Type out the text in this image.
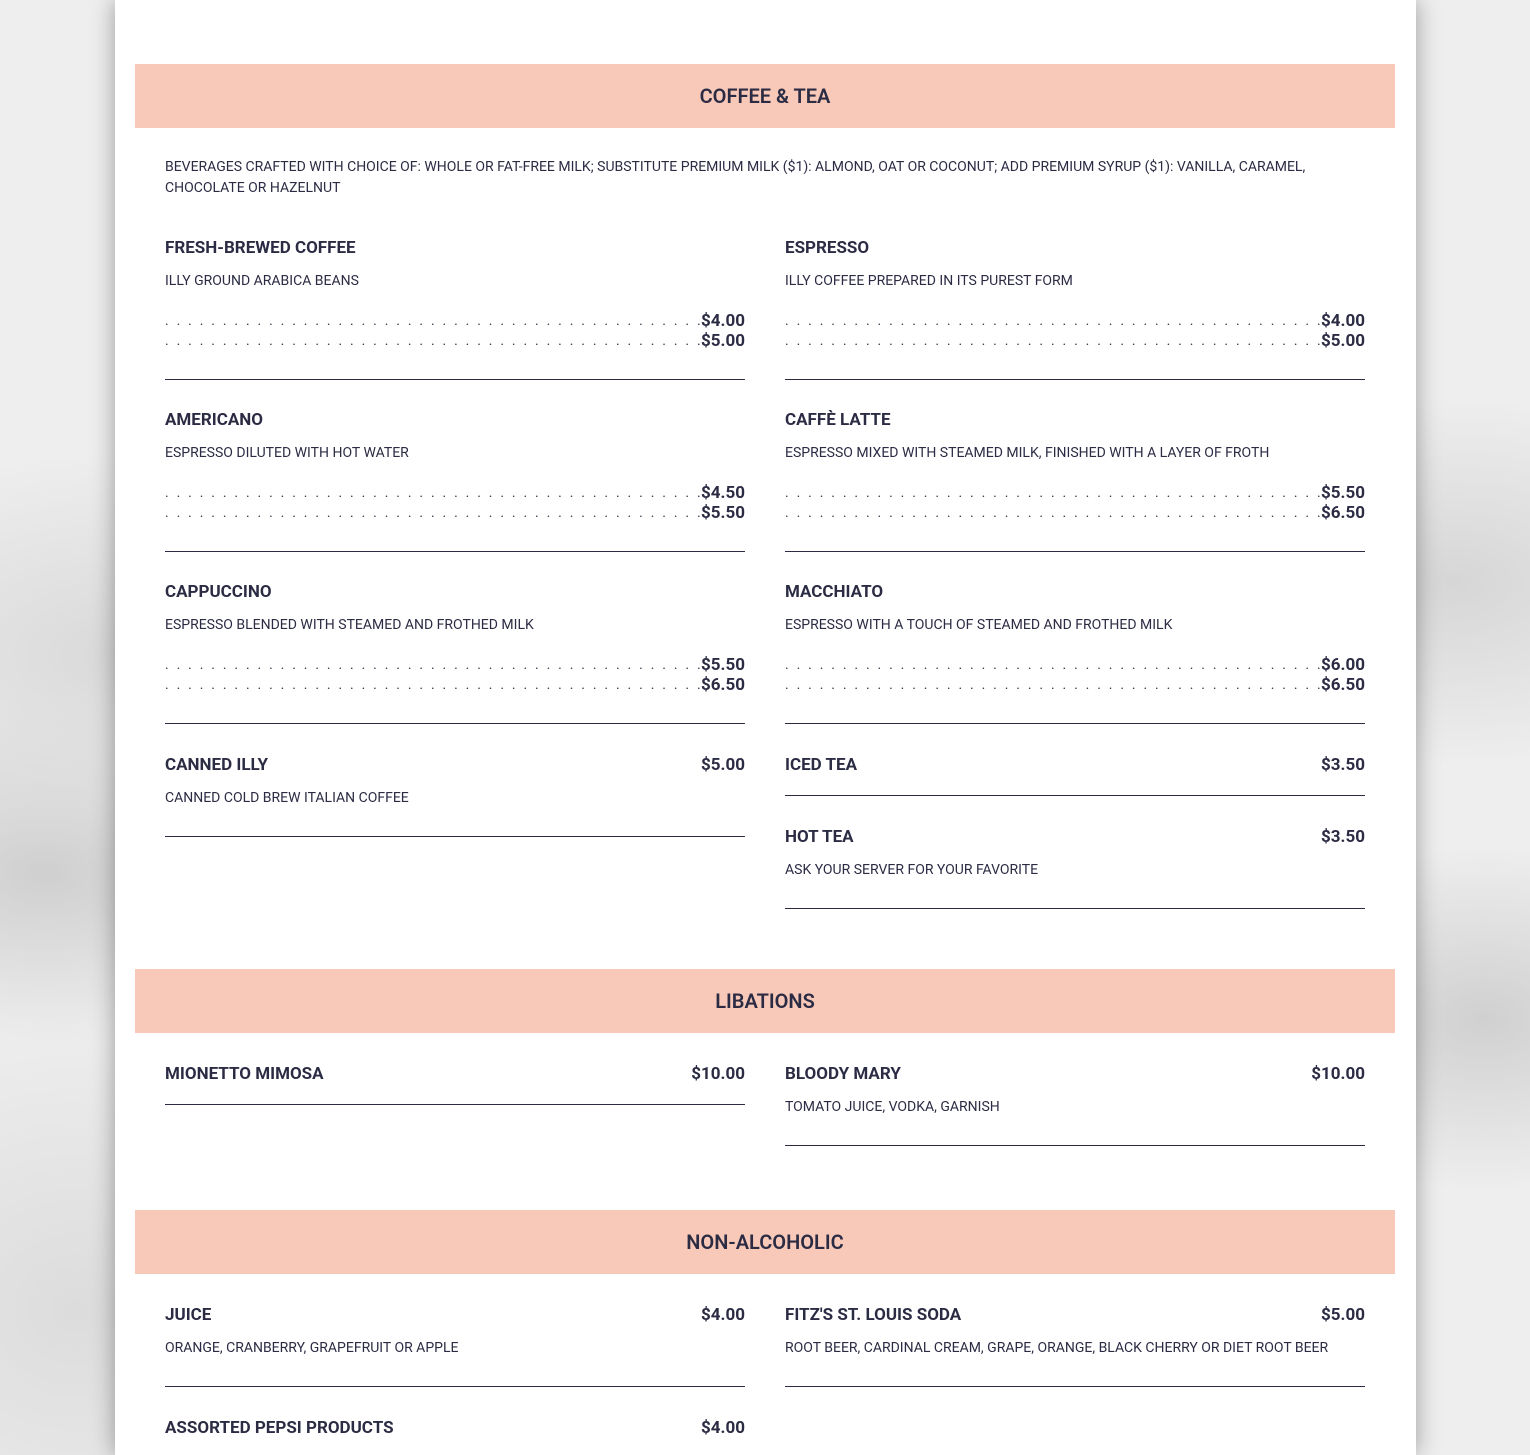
COFFEE & TEA
BEVERAGES CRAFTED WITH CHOICE OF: WHOLE OR FAT-FREE MILK; SUBSTITUTE PREMIUM MILK ($1): ALMOND, OAT OR COCONUT; ADD PREMIUM SYRUP ($1): VANILLA, CARAMEL, CHOCOLATE OR HAZELNUT
FRESH-BREWED COFFEE
ILLY GROUND ARABICA BEANS
. . .
$4.00
. . .
$5.00
ESPRESSO
ILLY COFFEE PREPARED IN ITS PUREST FORM
. . .
$4.00
. . .
$5.00
AMERICANO
ESPRESSO DILUTED WITH HOT WATER
. . .
$4.50
. . .
$5.50
CAFFÈ LATTE
ESPRESSO MIXED WITH STEAMED MILK, FINISHED WITH A LAYER OF FROTH
. . .
$5.50
. . .
$6.50
CAPPUCCINO
ESPRESSO BLENDED WITH STEAMED AND FROTHED MILK
. . .
$5.50
. . .
$6.50
MACCHIATO
ESPRESSO WITH A TOUCH OF STEAMED AND FROTHED MILK
. . .
$6.00
. . .
$6.50
CANNED ILLY	$5.00
CANNED COLD BREW ITALIAN COFFEE
ICED TEA	$3.50
HOT TEA	$3.50
ASK YOUR SERVER FOR YOUR FAVORITE
LIBATIONS
MIONETTO MIMOSA	$10.00 BLOODY MARY	$10.00
TOMATO JUICE, VODKA, GARNISH
NON-ALCOHOLIC
JUICE	$4.00
ORANGE, CRANBERRY, GRAPEFRUIT OR APPLE
FITZ'S ST. LOUIS SODA	$5.00
ROOT BEER, CARDINAL CREAM, GRAPE, ORANGE, BLACK CHERRY OR DIET ROOT BEER
ASSORTED PEPSI PRODUCTS	$4.00
